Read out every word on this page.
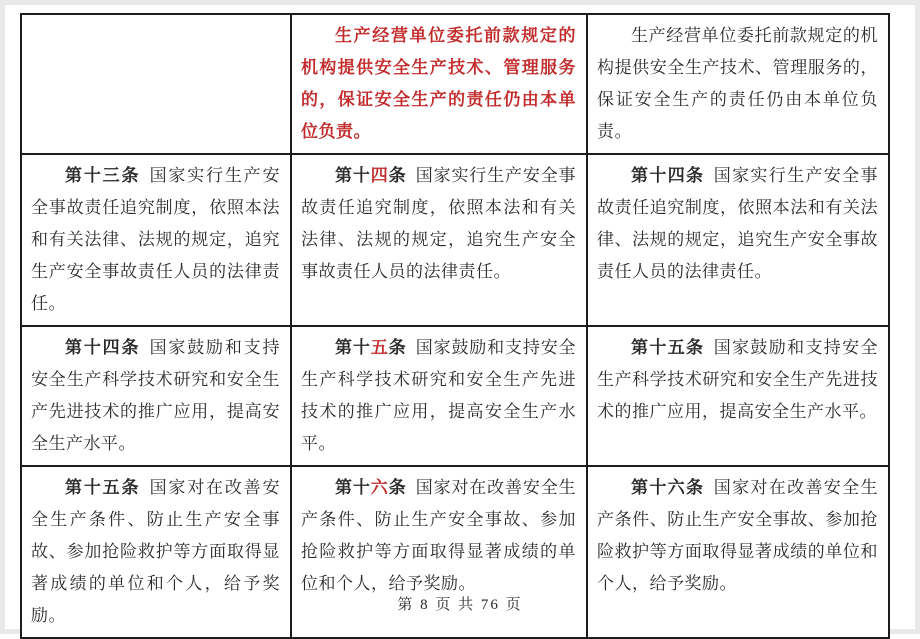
	生产经营单位委托前款规定的机构提供安全生产技术、管理服务的，保证安全生产的责任仍由本单位负责。	生产经营单位委托前款规定的机构提供安全生产技术、管理服务的，保证安全生产的责任仍由本单位负责。

第十三条 国家实行生产安全事故责任追究制度，依照本法和有关法律、法规的规定，追究生产安全事故责任人员的法律责任。	第十四条 国家实行生产安全事故责任追究制度，依照本法和有关法律、法规的规定，追究生产安全事故责任人员的法律责任。	第十四条 国家实行生产安全事故责任追究制度，依照本法和有关法律、法规的规定，追究生产安全事故责任人员的法律责任。

第十四条 国家鼓励和支持安全生产科学技术研究和安全生产先进技术的推广应用，提高安全生产水平。	第十五条 国家鼓励和支持安全生产科学技术研究和安全生产先进技术的推广应用，提高安全生产水平。	第十五条 国家鼓励和支持安全生产科学技术研究和安全生产先进技术的推广应用，提高安全生产水平。

第十五条 国家对在改善安全生产条件、防止生产安全事故、参加抢险救护等方面取得显著成绩的单位和个人，给予奖励。	第十六条 国家对在改善安全生产条件、防止生产安全事故、参加抢险救护等方面取得显著成绩的单位和个人，给予奖励。	第十六条 国家对在改善安全生产条件、防止生产安全事故、参加抢险救护等方面取得显著成绩的单位和个人，给予奖励。

第 8 页 共 76 页
